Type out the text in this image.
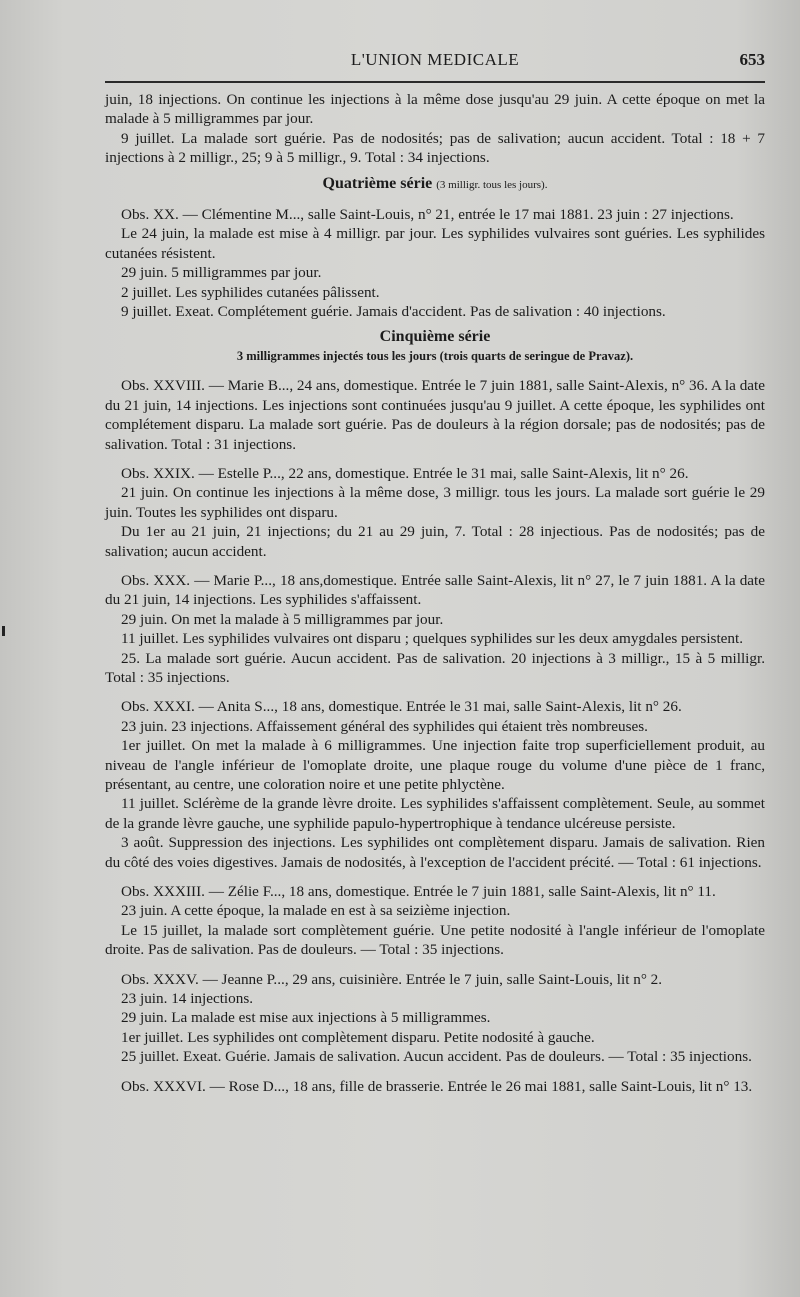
L'UNION MEDICALE	653

juin, 18 injections. On continue les injections à la même dose jusqu'au 29 juin. A cette époque on met la malade à 5 milligrammes par jour.

9 juillet. La malade sort guérie. Pas de nodosités; pas de salivation; aucun accident. Total : 18 + 7 injections à 2 milligr., 25; 9 à 5 milligr., 9. Total : 34 injections.

Quatrième série (3 milligr. tous les jours).

Obs. XX. — Clémentine M..., salle Saint-Louis, n° 21, entrée le 17 mai 1881. 23 juin : 27 injections.

Le 24 juin, la malade est mise à 4 milligr. par jour. Les syphilides vulvaires sont guéries. Les syphilides cutanées résistent.

29 juin. 5 milligrammes par jour.

2 juillet. Les syphilides cutanées pâlissent.

9 juillet. Exeat. Complétement guérie. Jamais d'accident. Pas de salivation : 40 injections.

Cinquième série

3 milligrammes injectés tous les jours (trois quarts de seringue de Pravaz).

Obs. XXVIII. — Marie B..., 24 ans, domestique. Entrée le 7 juin 1881, salle Saint-Alexis, n° 36. A la date du 21 juin, 14 injections. Les injections sont continuées jusqu'au 9 juillet. A cette époque, les syphilides ont complétement disparu. La malade sort guérie. Pas de douleurs à la région dorsale; pas de nodosités; pas de salivation. Total : 31 injections.

Obs. XXIX. — Estelle P..., 22 ans, domestique. Entrée le 31 mai, salle Saint-Alexis, lit n° 26.

21 juin. On continue les injections à la même dose, 3 milligr. tous les jours. La malade sort guérie le 29 juin. Toutes les syphilides ont disparu.

Du 1er au 21 juin, 21 injections; du 21 au 29 juin, 7. Total : 28 injectious. Pas de nodosités; pas de salivation; aucun accident.

Obs. XXX. — Marie P..., 18 ans,domestique. Entrée salle Saint-Alexis, lit n° 27, le 7 juin 1881. A la date du 21 juin, 14 injections. Les syphilides s'affaissent.

29 juin. On met la malade à 5 milligrammes par jour.

11 juillet. Les syphilides vulvaires ont disparu ; quelques syphilides sur les deux amygdales persistent.

25. La malade sort guérie. Aucun accident. Pas de salivation. 20 injections à 3 milligr., 15 à 5 milligr. Total : 35 injections.

Obs. XXXI. — Anita S..., 18 ans, domestique. Entrée le 31 mai, salle Saint-Alexis, lit n° 26.

23 juin. 23 injections. Affaissement général des syphilides qui étaient très nombreuses.

1er juillet. On met la malade à 6 milligrammes. Une injection faite trop superficiellement produit, au niveau de l'angle inférieur de l'omoplate droite, une plaque rouge du volume d'une pièce de 1 franc, présentant, au centre, une coloration noire et une petite phlyctène.

11 juillet. Sclérème de la grande lèvre droite. Les syphilides s'affaissent complètement. Seule, au sommet de la grande lèvre gauche, une syphilide papulo-hypertrophique à tendance ulcéreuse persiste.

3 août. Suppression des injections. Les syphilides ont complètement disparu. Jamais de salivation. Rien du côté des voies digestives. Jamais de nodosités, à l'exception de l'accident précité. — Total : 61 injections.

Obs. XXXIII. — Zélie F..., 18 ans, domestique. Entrée le 7 juin 1881, salle Saint-Alexis, lit n° 11.

23 juin. A cette époque, la malade en est à sa seizième injection.

Le 15 juillet, la malade sort complètement guérie. Une petite nodosité à l'angle inférieur de l'omoplate droite. Pas de salivation. Pas de douleurs. — Total : 35 injections.

Obs. XXXV. — Jeanne P..., 29 ans, cuisinière. Entrée le 7 juin, salle Saint-Louis, lit n° 2.

23 juin. 14 injections.

29 juin. La malade est mise aux injections à 5 milligrammes.

1er juillet. Les syphilides ont complètement disparu. Petite nodosité à gauche.

25 juillet. Exeat. Guérie. Jamais de salivation. Aucun accident. Pas de douleurs. — Total : 35 injections.

Obs. XXXVI. — Rose D..., 18 ans, fille de brasserie. Entrée le 26 mai 1881, salle Saint-Louis, lit n° 13.
